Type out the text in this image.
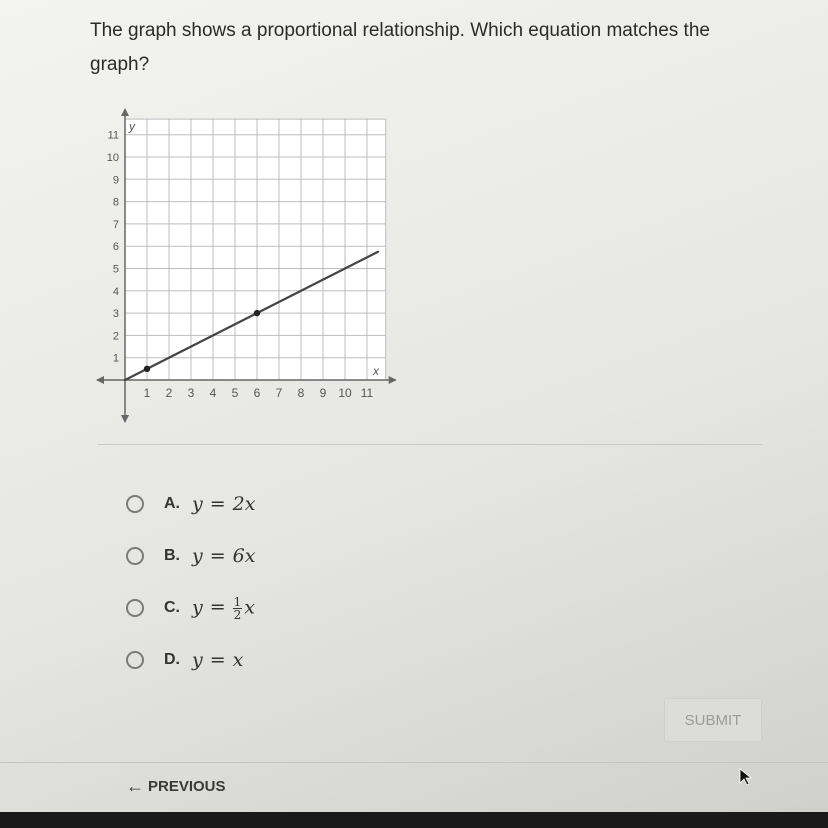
The graph shows a proportional relationship. Which equation matches the graph?

x
y
1 2 3 4 5 6 7 8 9 10 11
1
2
3
4
5
6
7
8
9
10
11
A. y = 2x
B. y = 6x
C. $y = \frac{1}{2}$ x
D. y = x
SUBMIT
← PREVIOUS
